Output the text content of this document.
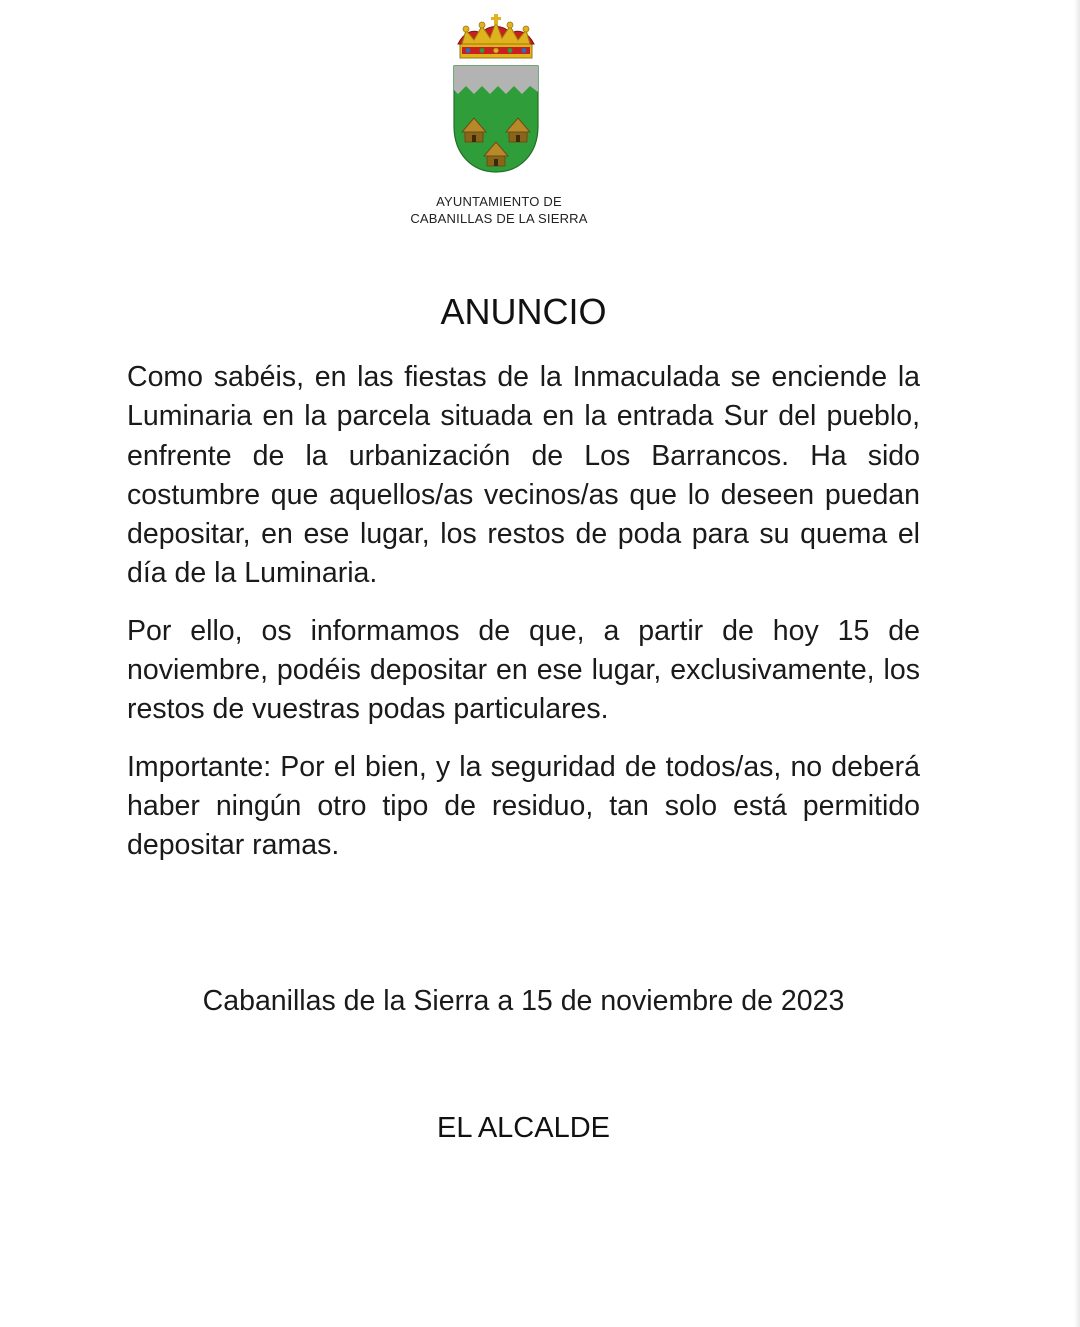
AYUNTAMIENTO DE
CABANILLAS DE LA SIERRA
ANUNCIO

Como sabéis, en las fiestas de la Inmaculada se enciende la Luminaria en la parcela situada en la entrada Sur del pueblo, enfrente de la urbanización de Los Barrancos. Ha sido costumbre que aquellos/as vecinos/as que lo deseen puedan depositar, en ese lugar, los restos de poda para su quema el día de la Luminaria.

Por ello, os informamos de que, a partir de hoy 15 de noviembre, podéis depositar en ese lugar, exclusivamente, los restos de vuestras podas particulares.

Importante: Por el bien, y la seguridad de todos/as, no deberá haber ningún otro tipo de residuo, tan solo está permitido depositar ramas.

Cabanillas de la Sierra a 15 de noviembre de 2023
EL ALCALDE
